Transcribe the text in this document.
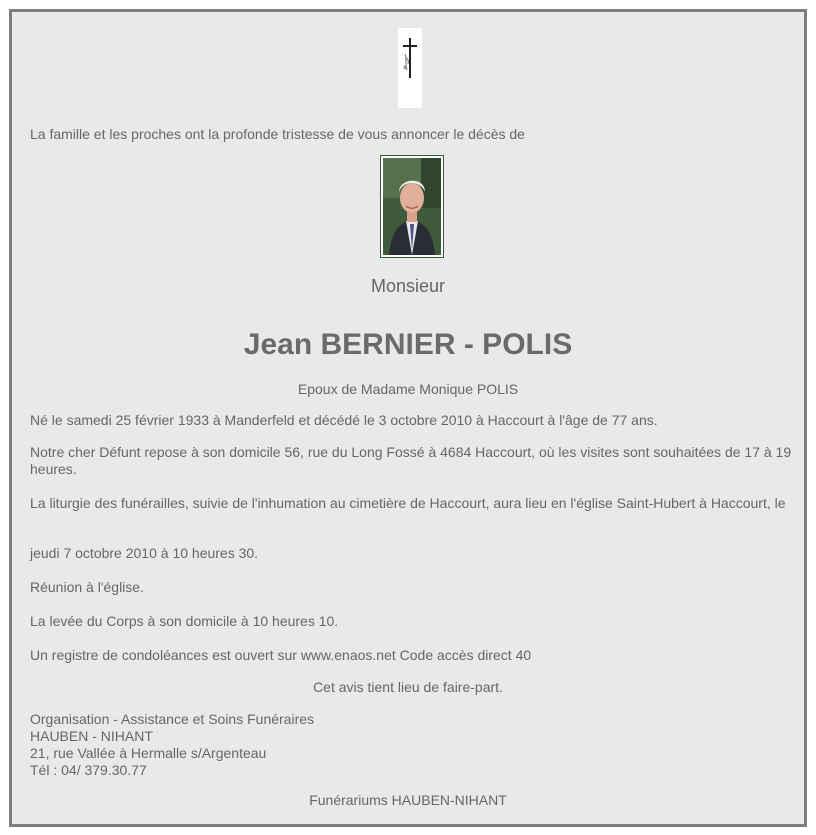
La famille et les proches ont la profonde tristesse de vous annoncer le décès de
Monsieur
Jean BERNIER - POLIS
Epoux de Madame Monique POLIS
Né le samedi 25 février 1933 à Manderfeld et décédé le 3 octobre 2010 à Haccourt à l'âge de 77 ans.
Notre cher Défunt repose à son domicile 56, rue du Long Fossé à 4684 Haccourt, où les visites sont souhaitées de 17 à 19 heures.
La liturgie des funérailles, suivie de l'inhumation au cimetière de Haccourt, aura lieu en l'église Saint-Hubert à Haccourt, le
jeudi 7 octobre 2010 à 10 heures 30.
Réunion à l'église.
La levée du Corps à son domicile à 10 heures 10.
Un registre de condoléances est ouvert sur www.enaos.net Code accès direct 40
Cet avis tient lieu de faire-part.
Organisation - Assistance et Soins Funéraires
HAUBEN - NIHANT
21, rue Vallée à Hermalle s/Argenteau
Tél : 04/ 379.30.77
Funérariums HAUBEN-NIHANT
